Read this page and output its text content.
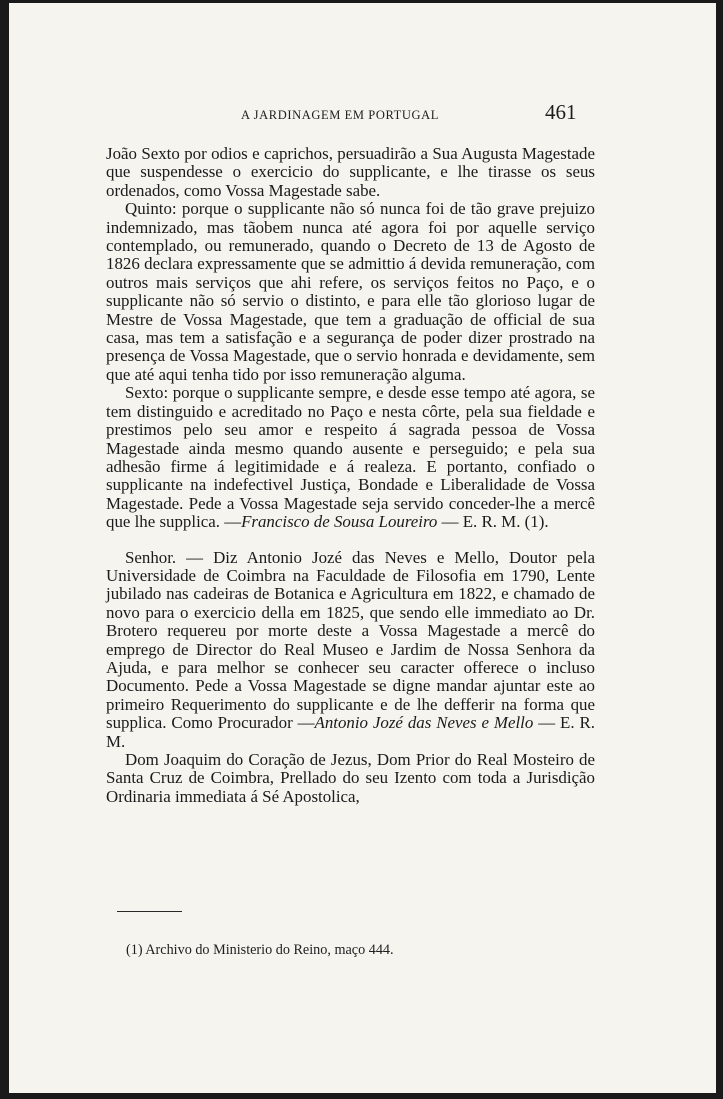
A JARDINAGEM EM PORTUGAL	461

João Sexto por odios e caprichos, persuadirão a Sua Augusta Magestade que suspendesse o exercicio do supplicante, e lhe tirasse os seus ordenados, como Vossa Magestade sabe.

Quinto: porque o supplicante não só nunca foi de tão grave prejuizo indemnizado, mas tãobem nunca até agora foi por aquelle serviço contemplado, ou remunerado, quando o Decreto de 13 de Agosto de 1826 declara expressamente que se admittio á devida remuneração, com outros mais serviços que ahi refere, os serviços feitos no Paço, e o supplicante não só servio o distinto, e para elle tão glorioso lugar de Mestre de Vossa Magestade, que tem a graduação de official de sua casa, mas tem a satisfação e a segurança de poder dizer prostrado na presença de Vossa Magestade, que o servio honrada e devidamente, sem que até aqui tenha tido por isso remuneração alguma.

Sexto: porque o supplicante sempre, e desde esse tempo até agora, se tem distinguido e acreditado no Paço e nesta côrte, pela sua fieldade e prestimos pelo seu amor e respeito á sagrada pessoa de Vossa Magestade ainda mesmo quando ausente e perseguido; e pela sua adhesão firme á legitimidade e á realeza. E portanto, confiado o supplicante na indefectivel Justiça, Bondade e Liberalidade de Vossa Magestade. Pede a Vossa Magestade seja servido conceder-lhe a mercê que lhe supplica. —Francisco de Sousa Loureiro — E. R. M. (1).

Senhor. — Diz Antonio Jozé das Neves e Mello, Doutor pela Universidade de Coimbra na Faculdade de Filosofia em 1790, Lente jubilado nas cadeiras de Botanica e Agricultura em 1822, e chamado de novo para o exercicio della em 1825, que sendo elle immediato ao Dr. Brotero requereu por morte deste a Vossa Magestade a mercê do emprego de Director do Real Museo e Jardim de Nossa Senhora da Ajuda, e para melhor se conhecer seu caracter offerece o incluso Documento. Pede a Vossa Magestade se digne mandar ajuntar este ao primeiro Requerimento do supplicante e de lhe defferir na forma que supplica. Como Procurador —Antonio Jozé das Neves e Mello — E. R. M.

Dom Joaquim do Coração de Jezus, Dom Prior do Real Mosteiro de Santa Cruz de Coimbra, Prellado do seu Izento com toda a Jurisdição Ordinaria immediata á Sé Apostolica,

(1) Archivo do Ministerio do Reino, maço 444.
